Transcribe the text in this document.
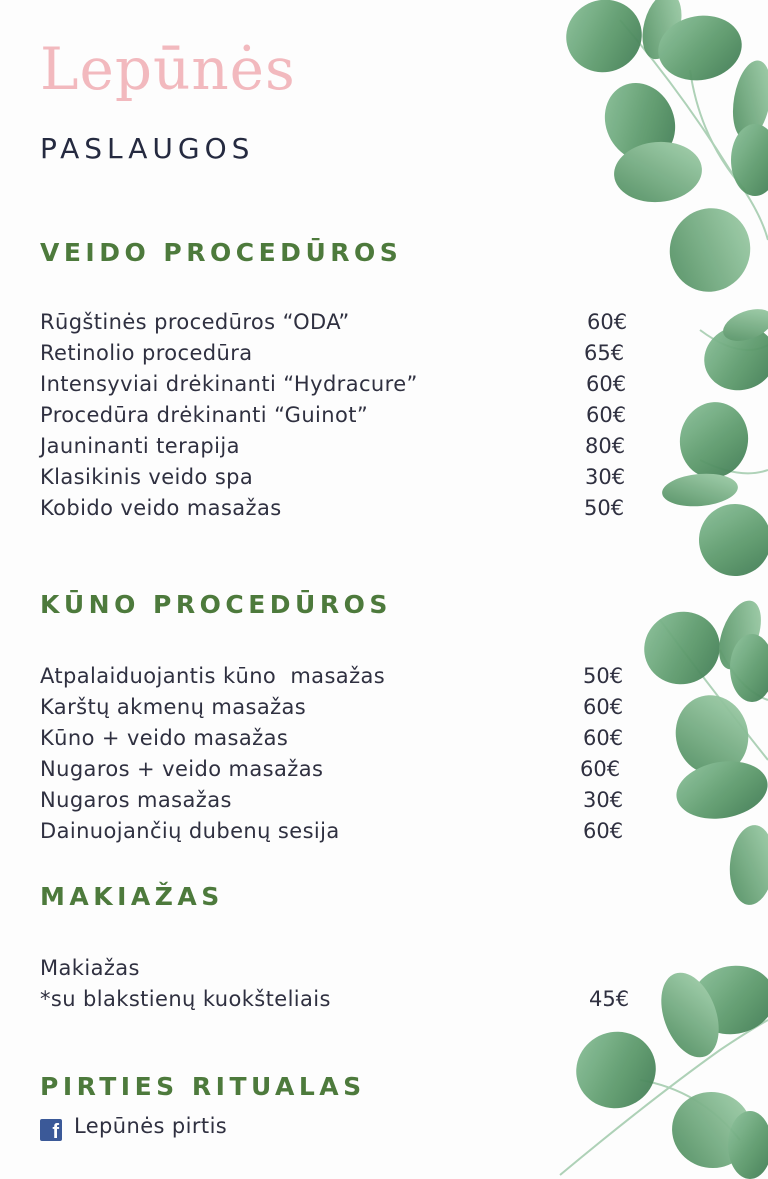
Lepūnės
PASLAUGOS
VEIDO PROCEDŪROS
Rūgštinės procedūros “ODA”	60€
Retinolio procedūra	65€
Intensyviai drėkinanti “Hydracure”	60€
Procedūra drėkinanti “Guinot”	60€
Jauninanti terapija	80€
Klasikinis veido spa	30€
Kobido veido masažas	50€
KŪNO PROCEDŪROS
Atpalaiduojantis kūno  masažas	50€
Karštų akmenų masažas	60€
Kūno + veido masažas	60€
Nugaros + veido masažas	60€
Nugaros masažas	30€
Dainuojančių dubenų sesija	60€
MAKIAŽAS
Makiažas
*su blakstienų kuokšteliais	45€
PIRTIES RITUALAS
f Lepūnės pirtis
